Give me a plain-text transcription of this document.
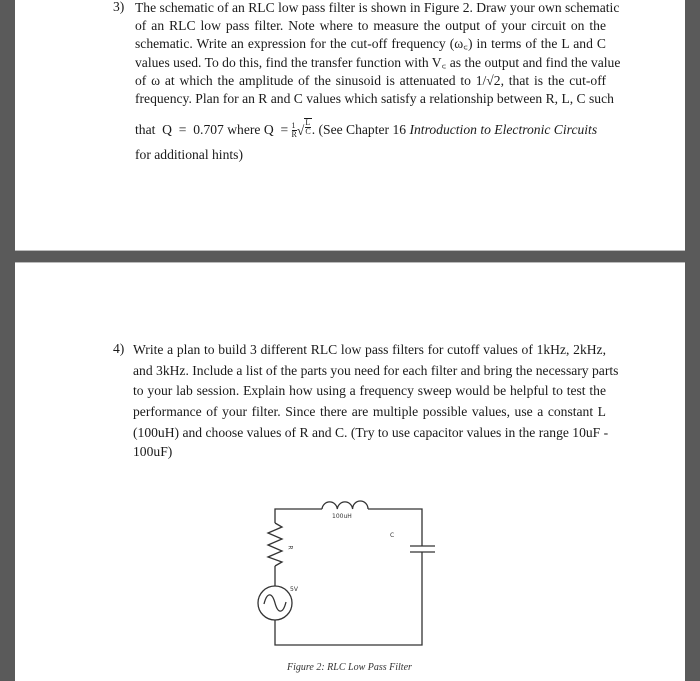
3) The schematic of an RLC low pass filter is shown in Figure 2. Draw your own schematic
of an RLC low pass filter. Note where to measure the output of your circuit on the
schematic. Write an expression for the cut-off frequency (ω꜀) in terms of the L and C
values used. To do this, find the transfer function with V꜀ as the output and find the value
of ω at which the amplitude of the sinusoid is attenuated to 1/√2, that is the cut-off
frequency. Plan for an R and C values which satisfy a relationship between R, L, C such
that  Q  =  0.707 where $Q = \frac{1}{R}$ √ $\frac{L}{C}$ . (See Chapter 16 Introduction to Electronic Circuits
for additional hints)
4) Write a plan to build 3 different RLC low pass filters for cutoff values of 1kHz, 2kHz,
and 3kHz. Include a list of the parts you need for each filter and bring the necessary parts
to your lab session. Explain how using a frequency sweep would be helpful to test the
performance of your filter. Since there are multiple possible values, use a constant L
(100uH) and choose values of R and C. (Try to use capacitor values in the range 10uF -
100uF)
100uH
C
R
5V
Figure 2: RLC Low Pass Filter
